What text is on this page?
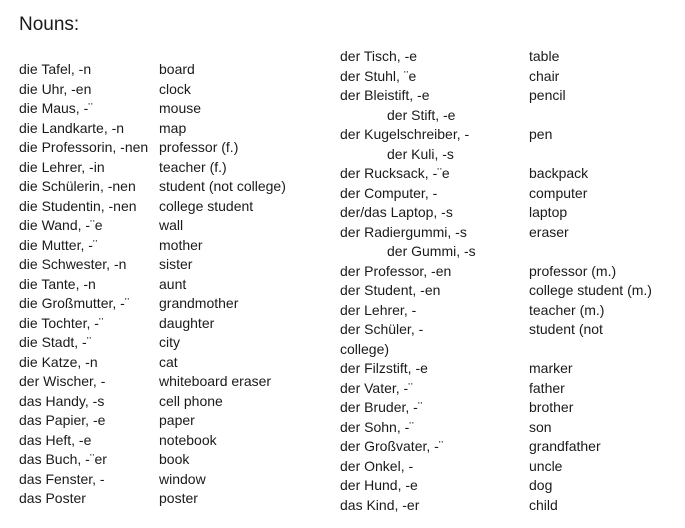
Nouns:
die Tafel, -n	board
die Uhr, -en	clock
die Maus, -¨	mouse
die Landkarte, -n map
die Professorin, -nen professor (f.)
die Lehrer, -in	teacher (f.)
die Schülerin, -nen student (not college)
die Studentin, -nen college student
die Wand, -¨e	wall
die Mutter, -¨	mother
die Schwester, -n sister
die Tante, -n	aunt
die Großmutter, -¨ grandmother
die Tochter, -¨	daughter
die Stadt, -¨	city
die Katze, -n	cat
der Wischer, -	whiteboard eraser
das Handy, -s	cell phone
das Papier, -e	paper
das Heft, -e	notebook
das Buch, -¨er	book
das Fenster, -	window
das Poster	poster
der Tisch, -e	table
der Stuhl, ¨e	chair
der Bleistift, -e	pencil
der Stift, -e
der Kugelschreiber, -	pen
der Kuli, -s
der Rucksack, -¨e	backpack
der Computer, -	computer
der/das Laptop, -s	laptop
der Radiergummi, -s	eraser
der Gummi, -s
der Professor, -en	professor (m.)
der Student, -en	college student (m.)
der Lehrer, -	teacher (m.)
der Schüler, -	student (not
college)
der Filzstift, -e	marker
der Vater, -¨	father
der Bruder, -¨	brother
der Sohn, -¨	son
der Großvater, -¨	grandfather
der Onkel, -	uncle
der Hund, -e	dog
das Kind, -er	child
